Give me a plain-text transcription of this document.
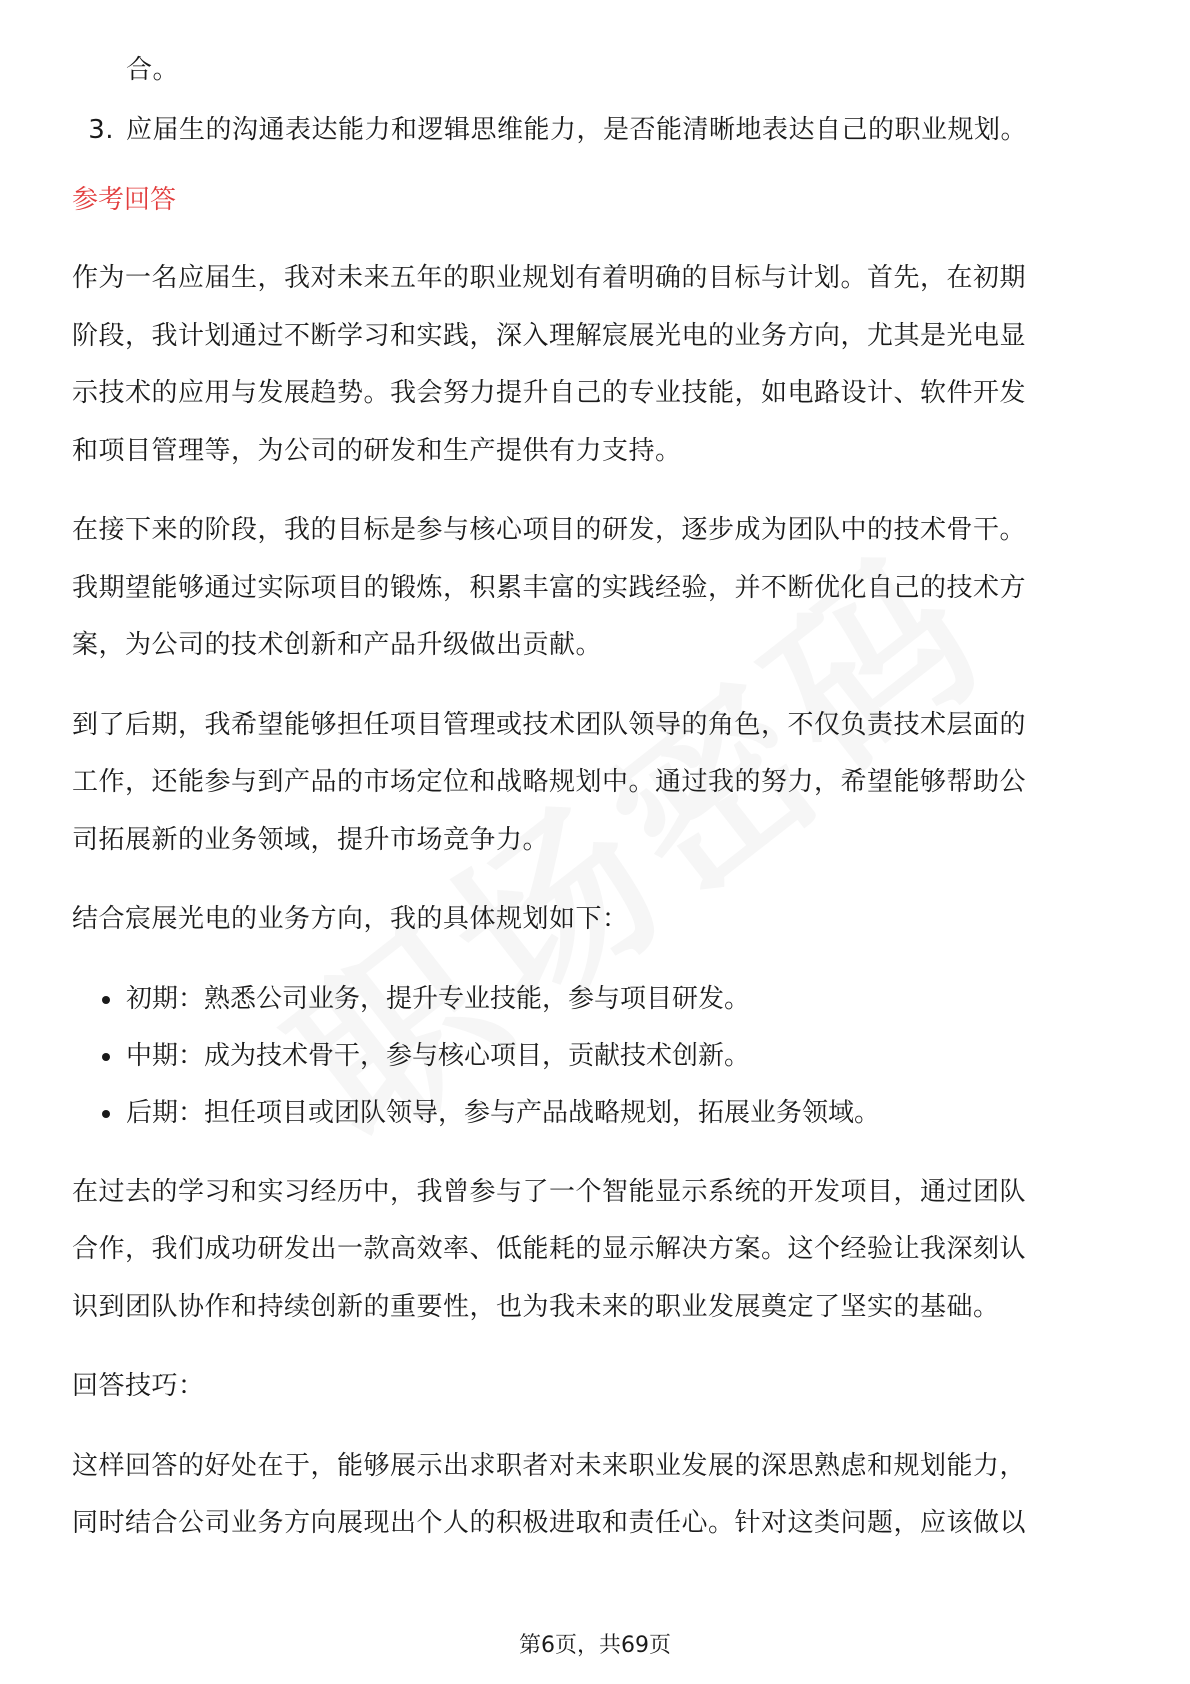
合。
3. 应届生的沟通表达能力和逻辑思维能力，是否能清晰地表达自己的职业规划。
参考回答
作为一名应届生，我对未来五年的职业规划有着明确的目标与计划。首先，在初期
阶段，我计划通过不断学习和实践，深入理解宸展光电的业务方向，尤其是光电显
示技术的应用与发展趋势。我会努力提升自己的专业技能，如电路设计、软件开发
和项目管理等，为公司的研发和生产提供有力支持。
在接下来的阶段，我的目标是参与核心项目的研发，逐步成为团队中的技术骨干。
我期望能够通过实际项目的锻炼，积累丰富的实践经验，并不断优化自己的技术方
案，为公司的技术创新和产品升级做出贡献。
到了后期，我希望能够担任项目管理或技术团队领导的角色，不仅负责技术层面的
工作，还能参与到产品的市场定位和战略规划中。通过我的努力，希望能够帮助公
司拓展新的业务领域，提升市场竞争力。
结合宸展光电的业务方向，我的具体规划如下：
初期：熟悉公司业务，提升专业技能，参与项目研发。
中期：成为技术骨干，参与核心项目，贡献技术创新。
后期：担任项目或团队领导，参与产品战略规划，拓展业务领域。
在过去的学习和实习经历中，我曾参与了一个智能显示系统的开发项目，通过团队
合作，我们成功研发出一款高效率、低能耗的显示解决方案。这个经验让我深刻认
识到团队协作和持续创新的重要性，也为我未来的职业发展奠定了坚实的基础。
回答技巧：
这样回答的好处在于，能够展示出求职者对未来职业发展的深思熟虑和规划能力，
同时结合公司业务方向展现出个人的积极进取和责任心。针对这类问题，应该做以
第6页，共69页
